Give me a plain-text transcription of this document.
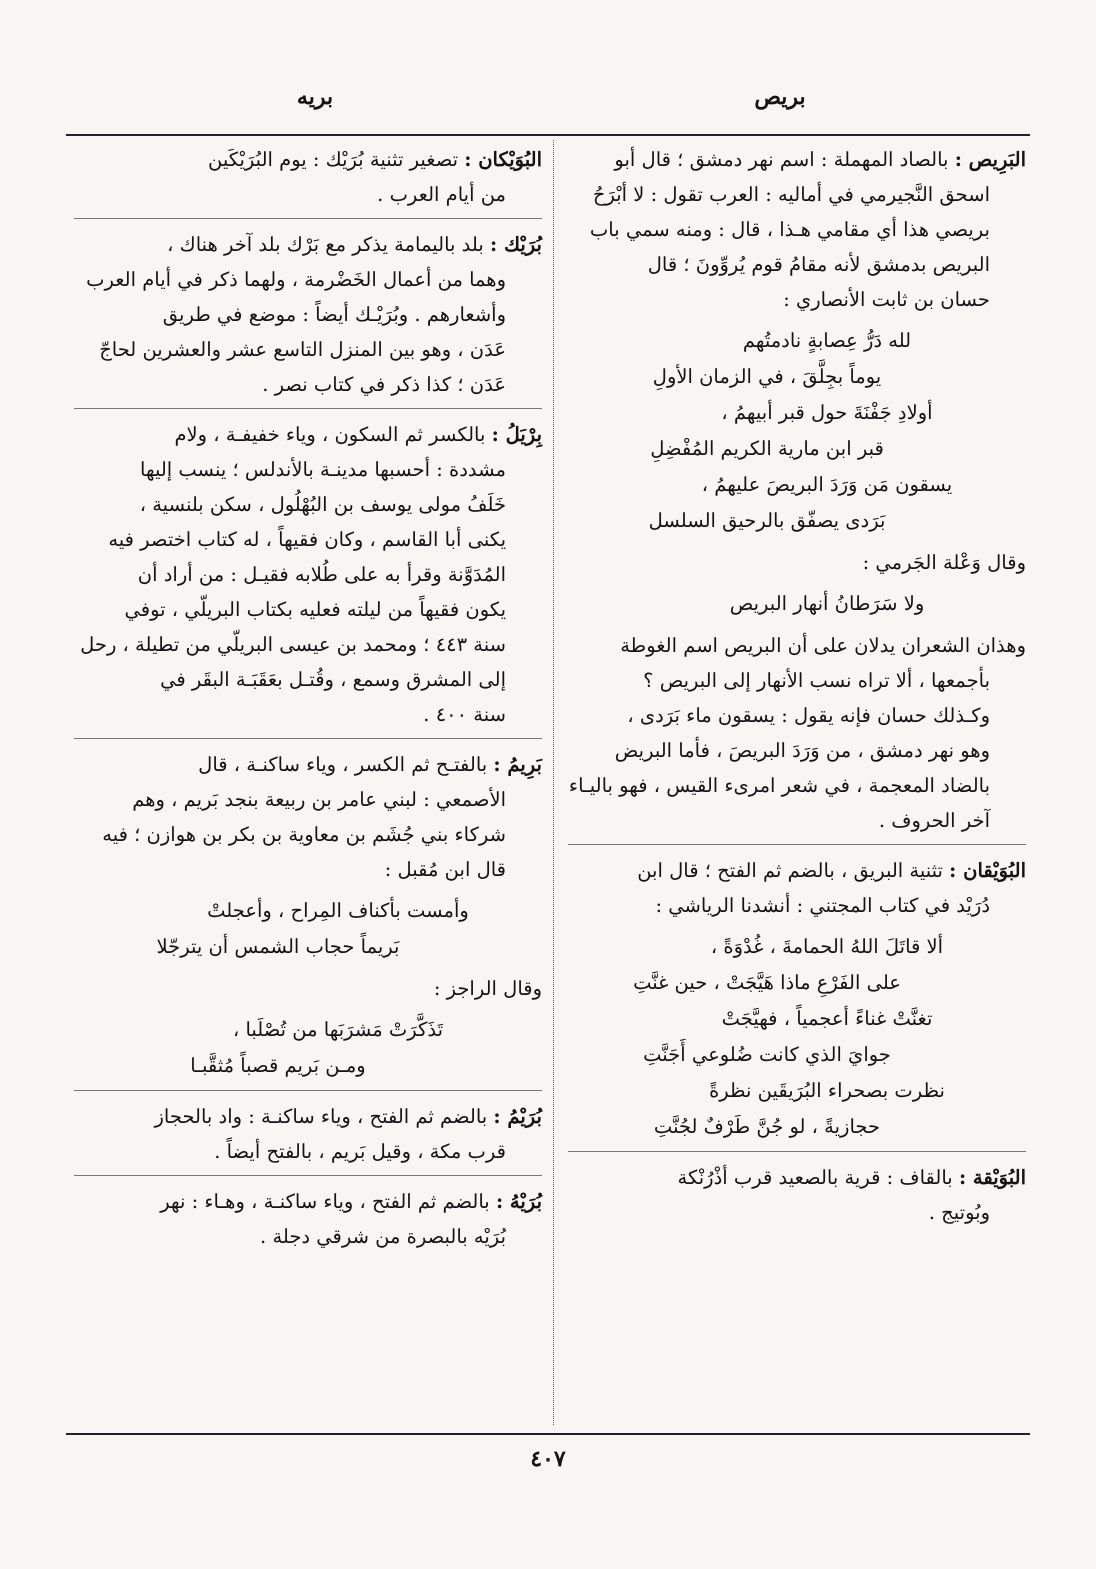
بريص
بريه
البَرِيص : بالصاد المهملة : اسم نهر دمشق ؛ قال أبو
اسحق النَّجيرمي في أماليه : العرب تقول : لا أبْرَحُ
بريصي هذا أي مقامي هـذا ، قال : ومنه سمي باب
البريص بدمشق لأنه مقامُ قوم يُروِّونَ ؛ قال
حسان بن ثابت الأنصاري :
لله دَرُّ عِصابةٍ نادمتُهم
يوماً بجِلَّقَ ، في الزمان الأولِ
أولادِ جَفْنَةَ حول قبر أبيهمُ ،
قبر ابن مارية الكريم المُفْضِلِ
يسقون مَن وَرَدَ البريصَ عليهمُ ،
بَرَدى يصفّق بالرحيق السلسل
وقال وَعْلة الجَرمي :
ولا سَرَطانُ أنهار البريص
وهذان الشعران يدلان على أن البريص اسم الغوطة
بأجمعها ، ألا تراه نسب الأنهار إلى البريص ؟
وكـذلك حسان فإنه يقول : يسقون ماء بَرَدى ،
وهو نهر دمشق ، من وَرَدَ البريصَ ، فأما البريض
بالضاد المعجمة ، في شعر امرىء القيس ، فهو باليـاء
آخر الحروف .
البُوَيْقان : تثنية البريق ، بالضم ثم الفتح ؛ قال ابن
دُرَيْد في كتاب المجتني : أنشدنا الرياشي :
ألا قاتَلَ اللهُ الحمامةَ ، غُدْوَةً ،
على الفَرْعِ ماذا هَيَّجَتْ ، حين غنَّتِ
تغنَّتْ غناءً أعجمياً ، فهيَّجَتْ
جوايَ الذي كانت ضُلوعي أَجَنَّتِ
نظرت بصحراء البُرَيقَين نظرةً
حجازيةً ، لو جُنَّ طَرْفٌ لجُنَّتِ
البُوَيْقة : بالقاف : قرية بالصعيد قرب أذْرُنْكة
وبُوتيج .
البُوَيْكان : تصغير تثنية بُرَيْك : يوم البُرَيْكَين
من أيام العرب .
بُرَيْك : بلد باليمامة يذكر مع بَرْك بلد آخر هناك ،
وهما من أعمال الخَضْرمة ، ولهما ذكر في أيام العرب
وأشعارهم . وبُرَيْـك أيضاً : موضع في طريق
عَدَن ، وهو بين المنزل التاسع عشر والعشرين لحاجّ
عَدَن ؛ كذا ذكر في كتاب نصر .
بِرْيَلُ : بالكسر ثم السكون ، وياء خفيفـة ، ولام
مشددة : أحسبها مدينـة بالأندلس ؛ ينسب إليها
خَلَفُ مولى يوسف بن البُهْلُول ، سكن بلنسية ،
يكنى أبا القاسم ، وكان فقيهاً ، له كتاب اختصر فيه
المُدَوَّنة وقرأ به على طُلابه فقيـل : من أراد أن
يكون فقيهاً من ليلته فعليه بكتاب البريلّي ، توفي
سنة ٤٤٣ ؛ ومحمد بن عيسى البريلّي من تطيلة ، رحل
إلى المشرق وسمع ، وقُتـل بعَقَبَـة البقَر في
سنة ٤٠٠ .
بَرِيمُ : بالفتـح ثم الكسر ، وياء ساكنـة ، قال
الأصمعي : لبني عامر بن ربيعة بنجد بَريم ، وهم
شركاء بني جُشَم بن معاوية بن بكر بن هوازن ؛ فيه
قال ابن مُقبل :
وأمست بأكناف المِراح ، وأعجلتْ
بَريماً حجاب الشمس أن يترجّلا
وقال الراجز :
تَذَكَّرَتْ مَشرَبَها من تُصْلَبا ،
ومـن بَريم قصباً مُثقَّبـا
بُرَيْمُ : بالضم ثم الفتح ، وياء ساكنـة : واد بالحجاز
قرب مكة ، وقيل بَريم ، بالفتح أيضاً .
بُرَيْهُ : بالضم ثم الفتح ، وياء ساكنـة ، وهـاء : نهر
بُرَيْه بالبصرة من شرقي دجلة .
٤٠٧
